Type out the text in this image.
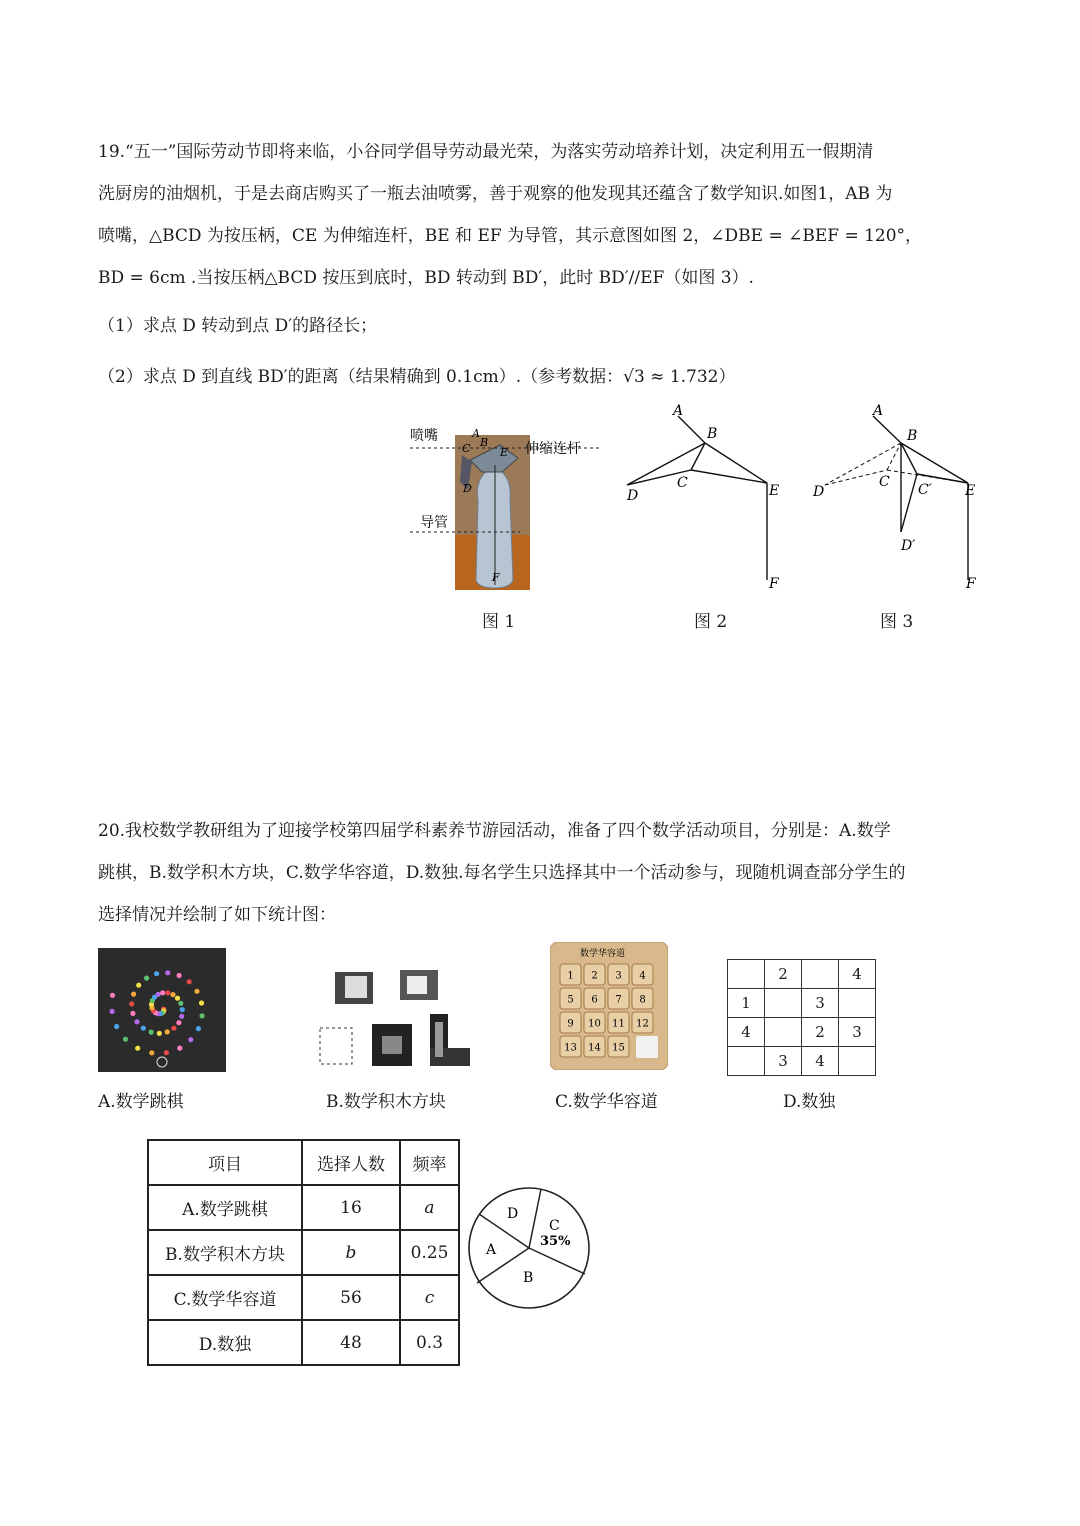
19.“五一”国际劳动节即将来临，小谷同学倡导劳动最光荣，为落实劳动培养计划，决定利用五一假期清
洗厨房的油烟机，于是去商店购买了一瓶去油喷雾，善于观察的他发现其还蕴含了数学知识.如图1，AB 为
喷嘴，△BCD 为按压柄，CE 为伸缩连杆，BE 和 EF 为导管，其示意图如图 2，∠DBE = ∠BEF = 120°，
BD = 6cm .当按压柄△BCD 按压到底时，BD 转动到 BD′，此时 BD′//EF（如图 3）.
（1）求点 D 转动到点 D′的路径长；
（2）求点 D 到直线 BD′的距离（结果精确到 0.1cm）.（参考数据：√3 ≈ 1.732）
喷嘴
伸缩连杆
导管
A
B
C
D
E
F
图 1
A
B
C
D	E
F
图 2
A
B
C C′
D
D′
E
F
图 3
20.我校数学教研组为了迎接学校第四届学科素养节游园活动，准备了四个数学活动项目，分别是：A.数学
跳棋，B.数学积木方块，C.数学华容道，D.数独.每名学生只选择其中一个活动参与，现随机调查部分学生的
选择情况并绘制了如下统计图：
数学华容道
1 2 3 4
5 6 7 8
9 10 11 12
13 14 15
	2		4
1		3	
4		2	3
	3	4	
A.数学跳棋	B.数学积木方块	C.数学华容道	D.数独
项目	选择人数	频率
A.数学跳棋	16	a
B.数学积木方块	b	0.25
C.数学华容道	56	c
D.数独	48	0.3
D
A
B
C
35%
